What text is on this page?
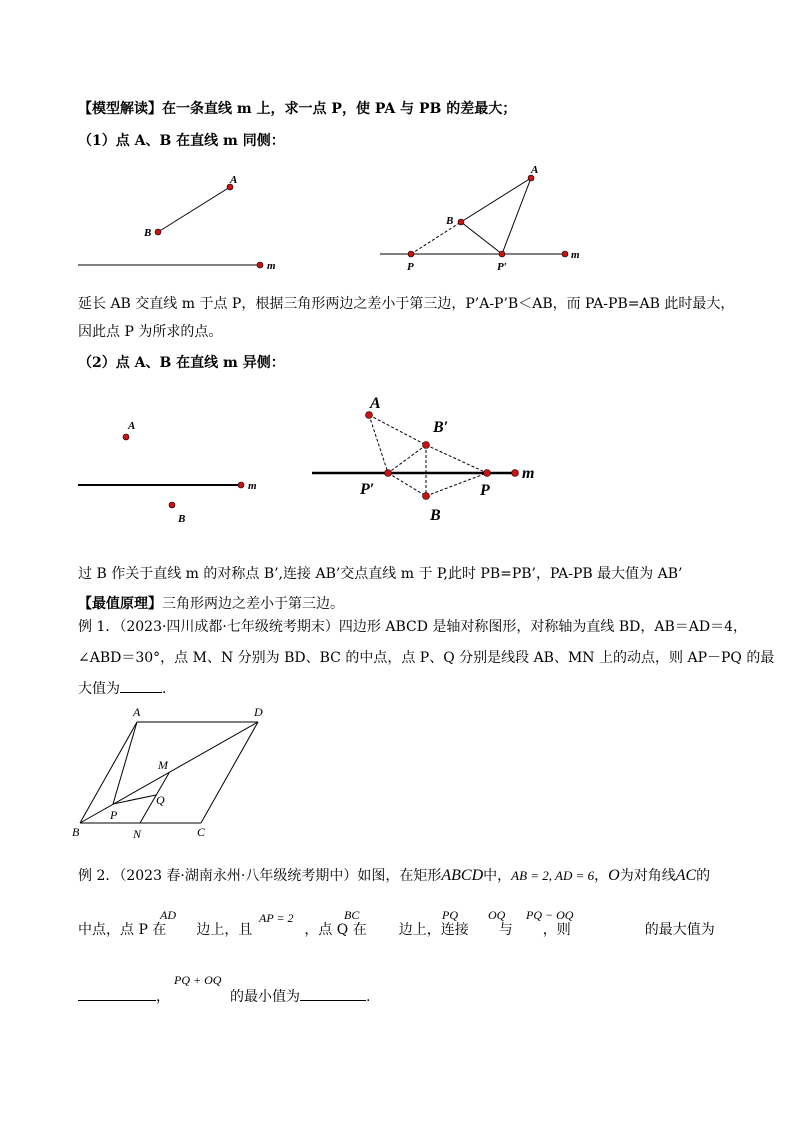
【模型解读】在一条直线 m 上，求一点 P，使 PA 与 PB 的差最大；
（1）点 A、B 在直线 m 同侧：
A
B
m
A
B
P	P′
m
延长 AB 交直线 m 于点 P，根据三角形两边之差小于第三边，P’A-P’B＜AB，而 PA-PB=AB 此时最大，
因此点 P 为所求的点。
（2）点 A、B 在直线 m 异侧：
A
B
m
A
B′
P′	P
B
m
过 B 作关于直线 m 的对称点 B’,连接 AB’交点直线 m 于 P,此时 PB=PB’，PA-PB 最大值为 AB’
【最值原理】三角形两边之差小于第三边。
例 1．（2023·四川成都·七年级统考期末）四边形 ABCD 是轴对称图形，对称轴为直线 BD，AB＝AD＝4，
∠ABD＝30°，点 M、N 分别为 BD、BC 的中点，点 P、Q 分别是线段 AB、MN 上的动点，则 AP－PQ 的最
大值为	.
A	D
M
P
Q
B	N	C
例 2．（2023 春·湖南永州·八年级统考期中）如图，在矩形ABCD中，AB = 2, AD = 6，O为对角线AC的
中点，点 P 在 边上，且	，点 Q 在 边上，连接 与 ，则	的最大值为
AD	AP = 2	BC	PQ	OQ PQ − OQ
，	的最小值为	.
PQ + OQ
